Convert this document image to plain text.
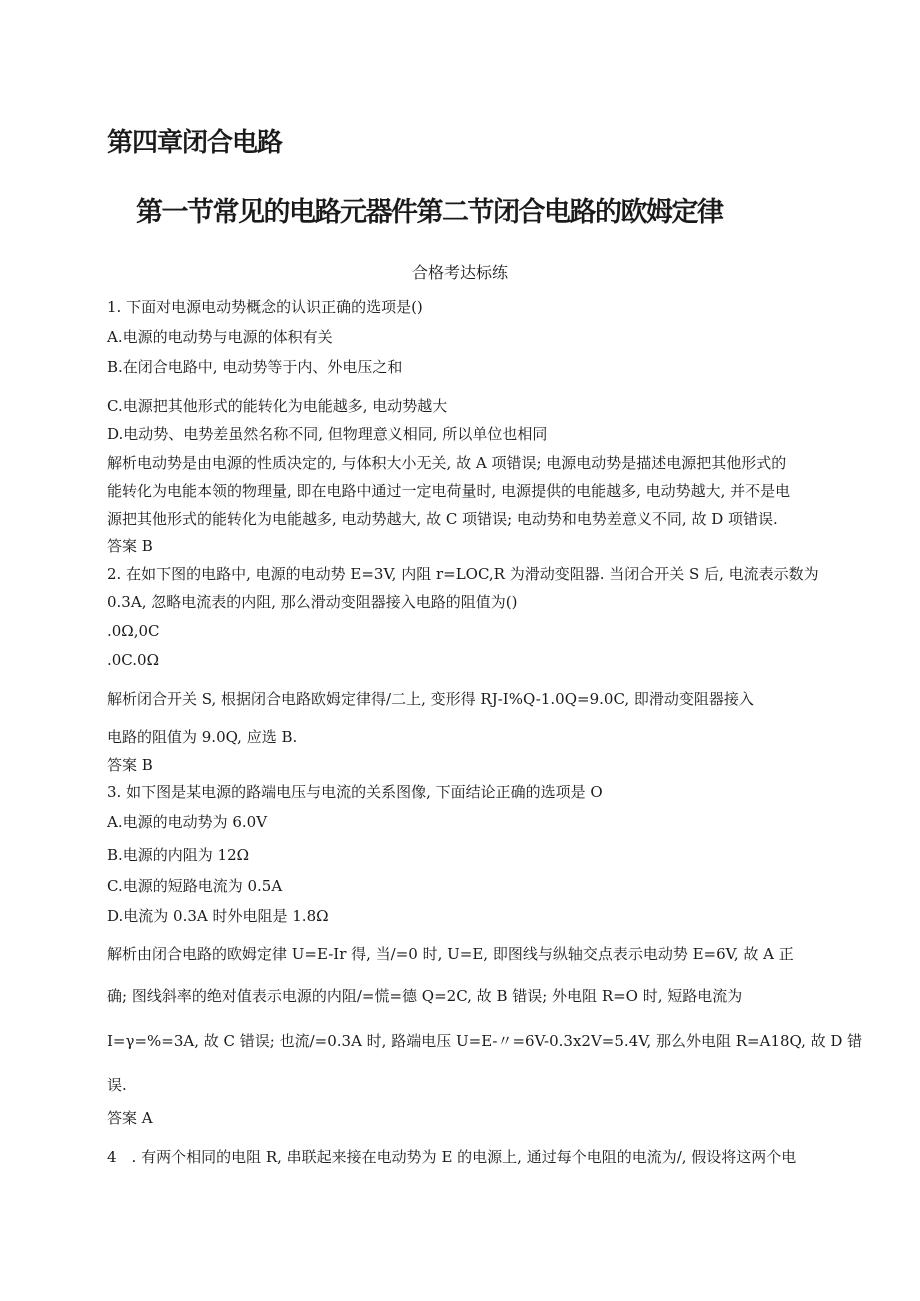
第四章闭合电路
第一节常见的电路元器件第二节闭合电路的欧姆定律
合格考达标练
1. 下面对电源电动势概念的认识正确的选项是()
A.电源的电动势与电源的体积有关
B.在闭合电路中, 电动势等于内、外电压之和
C.电源把其他形式的能转化为电能越多, 电动势越大
D.电动势、电势差虽然名称不同, 但物理意义相同, 所以单位也相同
解析电动势是由电源的性质决定的, 与体积大小无关, 故 A 项错误; 电源电动势是描述电源把其他形式的
能转化为电能本领的物理量, 即在电路中通过一定电荷量时, 电源提供的电能越多, 电动势越大, 并不是电
源把其他形式的能转化为电能越多, 电动势越大, 故 C 项错误; 电动势和电势差意义不同, 故 D 项错误.
答案 B
2. 在如下图的电路中, 电源的电动势 E=3V, 内阻 r=LOC,R 为滑动变阻器. 当闭合开关 S 后, 电流表示数为
0.3A, 忽略电流表的内阻, 那么滑动变阻器接入电路的阻值为()
.0Ω,0C
.0C.0Ω
解析闭合开关 S, 根据闭合电路欧姆定律得/二上, 变形得 RJ-I%Q-1.0Q=9.0C, 即滑动变阻器接入
电路的阻值为 9.0Q, 应选 B.
答案 B
3. 如下图是某电源的路端电压与电流的关系图像, 下面结论正确的选项是 O
A.电源的电动势为 6.0V
B.电源的内阻为 12Ω
C.电源的短路电流为 0.5A
D.电流为 0.3A 时外电阻是 1.8Ω
解析由闭合电路的欧姆定律 U=E-Ir 得, 当/=0 时, U=E, 即图线与纵轴交点表示电动势 E=6V, 故 A 正
确; 图线斜率的绝对值表示电源的内阻/=慌=德 Q=2C, 故 B 错误; 外电阻 R=O 时, 短路电流为
I=γ=%=3A, 故 C 错误; 也流/=0.3A 时, 路端电压 U=E-〃=6V-0.3x2V=5.4V, 那么外电阻 R=A18Q, 故 D 错
误.
答案 A
4　. 有两个相同的电阻 R, 串联起来接在电动势为 E 的电源上, 通过每个电阻的电流为/, 假设将这两个电
